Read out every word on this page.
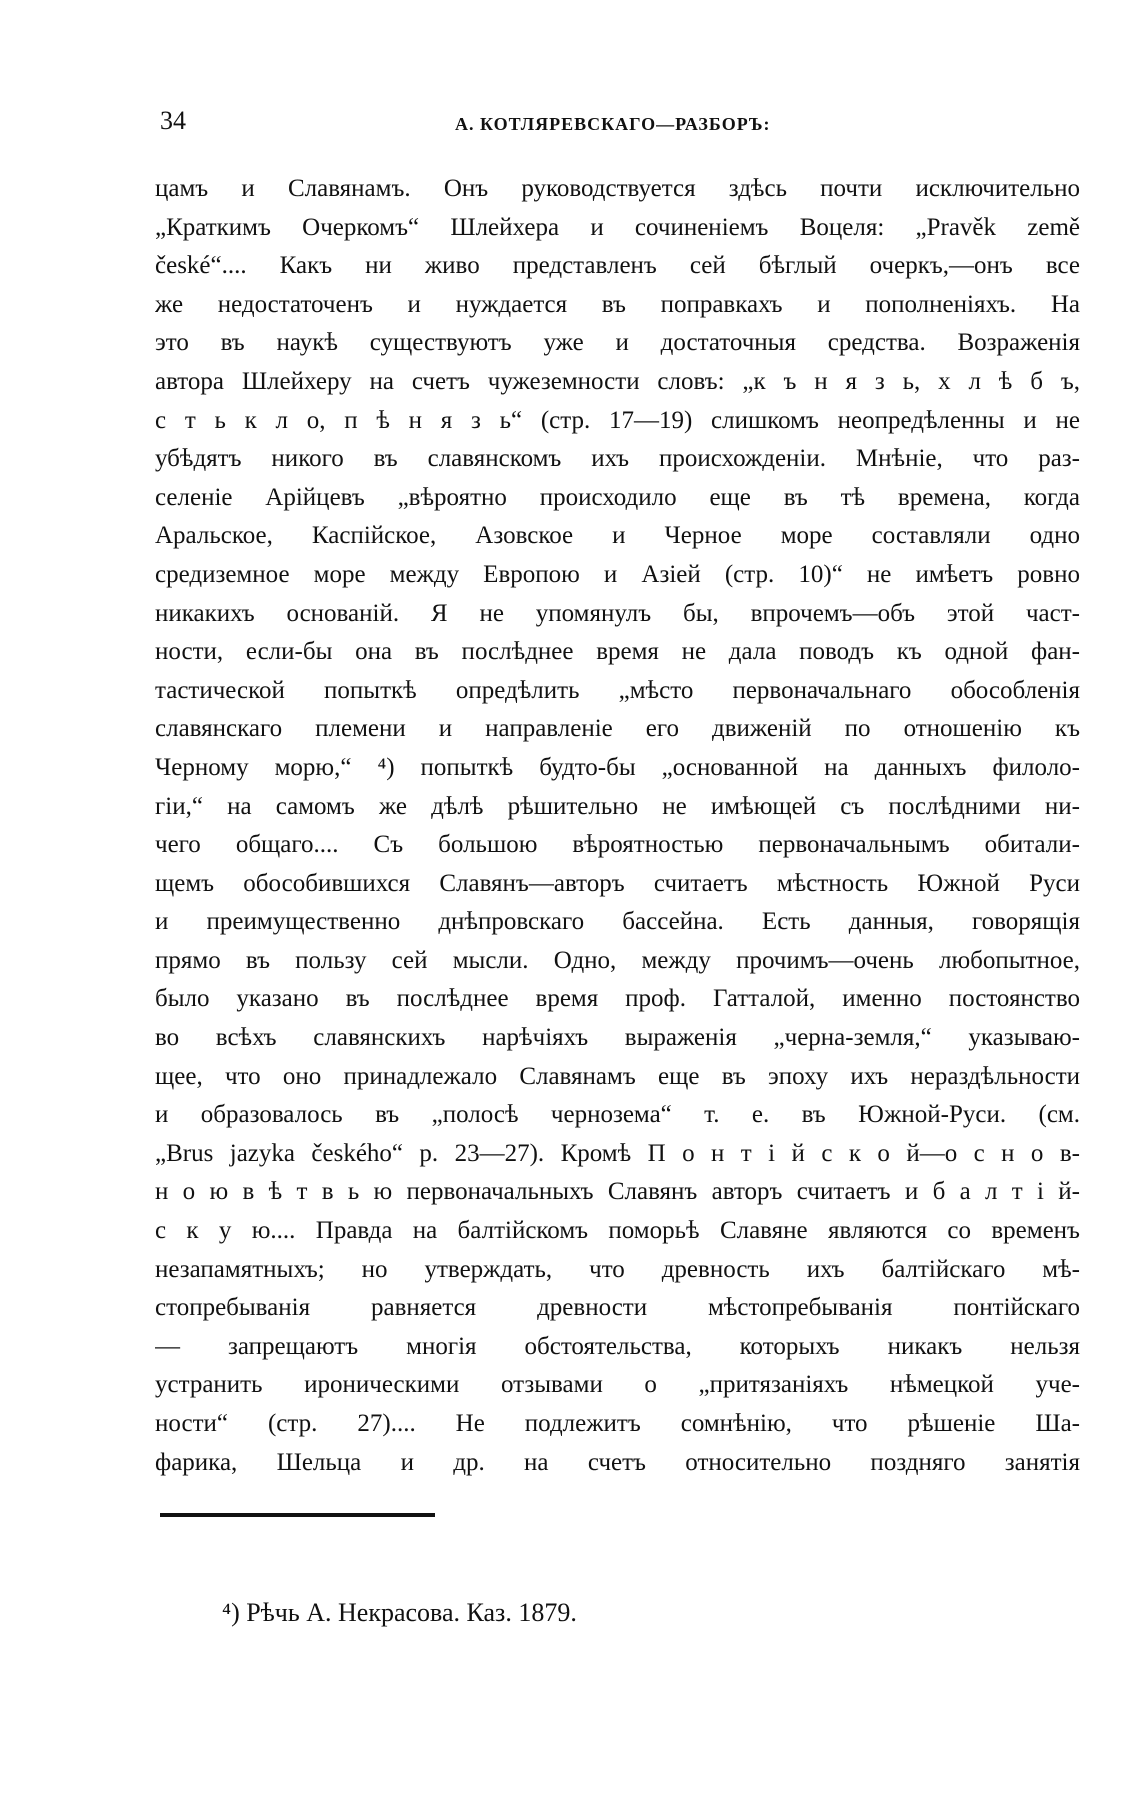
34	А. КОТЛЯРЕВСКАГО—РАЗБОРЪ:
цамъ и Славянамъ. Онъ руководствуется здѣсь почти исключительно
„Краткимъ Очеркомъ“ Шлейхера и сочиненіемъ Воцеля: „Pravěk země
české“.... Какъ ни живо представленъ сей бѣглый очеркъ,—онъ все
же недостаточенъ и нуждается въ поправкахъ и пополненіяхъ. На
это въ наукѣ существуютъ уже и достаточныя средства. Возраженія
автора Шлейхеру на счетъ чужеземности словъ: „к ъ н я з ь, х л ѣ б ъ,
с т ь к л о, п ѣ н я з ь“ (стр. 17—19) слишкомъ неопредѣленны и не
убѣдятъ никого въ славянскомъ ихъ происхожденіи. Мнѣніе, что раз-
селеніе Арійцевъ „вѣроятно происходило еще въ тѣ времена, когда
Аральское, Каспійское, Азовское и Черное море составляли одно
средиземное море между Европою и Азіей (стр. 10)“ не имѣетъ ровно
никакихъ основаній. Я не упомянулъ бы, впрочемъ—объ этой част-
ности, если-бы она въ послѣднее время не дала поводъ къ одной фан-
тастической попыткѣ опредѣлить „мѣсто первоначальнаго обособленія
славянскаго племени и направленіе его движеній по отношенію къ
Черному морю,“ ⁴) попыткѣ будто-бы „основанной на данныхъ филоло-
гіи,“ на самомъ же дѣлѣ рѣшительно не имѣющей съ послѣдними ни-
чего общаго.... Съ большою вѣроятностью первоначальнымъ обитали-
щемъ обособившихся Славянъ—авторъ считаетъ мѣстность Южной Руси
и преимущественно днѣпровскаго бассейна. Есть данныя, говорящія
прямо въ пользу сей мысли. Одно, между прочимъ—очень любопытное,
было указано въ послѣднее время проф. Гатталой, именно постоянство
во всѣхъ славянскихъ нарѣчіяхъ выраженія „черна-земля,“ указываю-
щее, что оно принадлежало Славянамъ еще въ эпоху ихъ нераздѣльности
и образовалось въ „полосѣ чернозема“ т. е. въ Южной-Руси. (см.
„Brus jazyka českého“ p. 23—27). Кромѣ П о н т і й с к о й—о с н о в-
н о ю в ѣ т в ь ю первоначальныхъ Славянъ авторъ считаетъ и б а л т і й-
с к у ю.... Правда на балтійскомъ поморьѣ Славяне являются со временъ
незапамятныхъ; но утверждать, что древность ихъ балтійскаго мѣ-
стопребыванія равняется древности мѣстопребыванія понтійскаго
— запрещаютъ многія обстоятельства, которыхъ никакъ нельзя
устранить ироническими отзывами о „притязаніяхъ нѣмецкой уче-
ности“ (стр. 27).... Не подлежитъ сомнѣнію, что рѣшеніе Ша-
фарика, Шельца и др. на счетъ относительно поздняго занятія
⁴) Рѣчь А. Некрасова. Каз. 1879.
